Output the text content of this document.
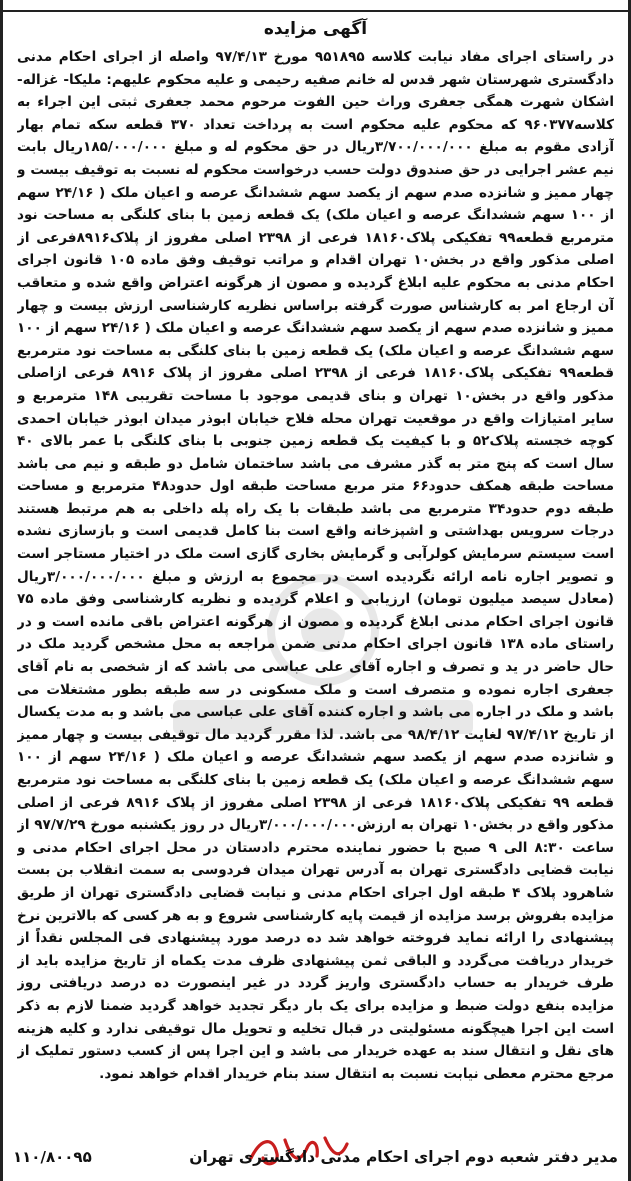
آگهی مزایده

در راستای اجرای مفاد نیابت کلاسه ۹۵۱۸۹۵ مورخ ۹۷/۴/۱۳ واصله از اجرای احکام مدنی دادگستری شهرستان شهر قدس له خانم صفیه رحیمی و علیه محکوم علیهم: ملیکا- غزاله- اشکان شهرت همگی جعفری وراث حین الفوت مرحوم محمد جعفری ثبتی این اجراء به کلاسه۹۶۰۳۷۷ که محکوم علیه محکوم است به پرداخت تعداد ۳۷۰ قطعه سکه تمام بهار آزادی مقوم به مبلغ ۳/۷۰۰/۰۰۰/۰۰۰ریال در حق محکوم له و مبلغ ۱۸۵/۰۰۰/۰۰۰ریال بابت نیم عشر اجرایی در حق صندوق دولت حسب درخواست محکوم له نسبت به توقیف بیست و چهار ممیز و شانزده صدم سهم از یکصد سهم ششدانگ عرصه و اعیان ملک ( ۲۴/۱۶ سهم از ۱۰۰ سهم ششدانگ عرصه و اعیان ملک) یک قطعه زمین با بنای کلنگی به مساحت نود مترمربع قطعه۹۹ تفکیکی پلاک۱۸۱۶۰ فرعی از ۲۳۹۸ اصلی مفروز از پلاک۸۹۱۶فرعی از اصلی مذکور واقع در بخش۱۰ تهران اقدام و مراتب توقیف وفق ماده ۱۰۵ قانون اجرای احکام مدنی به محکوم علیه ابلاغ گردیده و مصون از هرگونه اعتراض واقع شده و متعاقب آن ارجاع امر به کارشناس صورت گرفته براساس نظریه کارشناسی ارزش بیست و چهار ممیز و شانزده صدم سهم از یکصد سهم ششدانگ عرصه و اعیان ملک ( ۲۴/۱۶ سهم از ۱۰۰ سهم ششدانگ عرصه و اعیان ملک) یک قطعه زمین با بنای کلنگی به مساحت نود مترمربع قطعه۹۹ تفکیکی پلاک۱۸۱۶۰ فرعی از ۲۳۹۸ اصلی مفروز از پلاک ۸۹۱۶ فرعی ازاصلی مذکور واقع در بخش۱۰ تهران و بنای قدیمی موجود با مساحت تقریبی ۱۴۸ مترمربع و سایر امتیازات واقع در موقعیت تهران محله فلاح خیابان ابوذر میدان ابوذر خیابان احمدی کوچه خجسته پلاک۵۲ و با کیفیت یک قطعه زمین جنوبی با بنای کلنگی با عمر بالای ۴۰ سال است که پنج متر به گذر مشرف می باشد ساختمان شامل دو طبقه و نیم می باشد مساحت طبقه همکف حدود۶۶ متر مربع مساحت طبقه اول حدود۴۸ مترمربع و مساحت طبقه دوم حدود۳۴ مترمربع می باشد طبقات با یک راه پله داخلی به هم مرتبط هستند درجات سرویس بهداشتی و اشپزخانه واقع است بنا کامل قدیمی است و بازسازی نشده است سیستم سرمایش کولرآبی و گرمایش بخاری گازی است ملک در اختیار مستاجر است و تصویر اجاره نامه ارائه نگردیده است در مجموع به ارزش و مبلغ ۳/۰۰۰/۰۰۰/۰۰۰ریال (معادل سیصد میلیون تومان) ارزیابی و اعلام گردیده و نظریه کارشناسی وفق ماده ۷۵ قانون اجرای احکام مدنی ابلاغ گردیده و مصون از هرگونه اعتراض باقی مانده است و در راستای ماده ۱۳۸ قانون اجرای احکام مدنی ضمن مراجعه به محل مشخص گردید ملک در حال حاضر در ید و تصرف و اجاره آقای علی عباسی می باشد که از شخصی به نام آقای جعفری اجاره نموده و متصرف است و ملک مسکونی در سه طبقه بطور مشتغلات می باشد و ملک در اجاره می باشد و اجاره کننده آقای علی عباسی می باشد و به مدت یکسال از تاریخ ۹۷/۴/۱۲ لغایت ۹۸/۴/۱۲ می باشد. لذا مقرر گردید مال توقیفی بیست و چهار ممیز و شانزده صدم سهم از یکصد سهم ششدانگ عرصه و اعیان ملک ( ۲۴/۱۶ سهم از ۱۰۰ سهم ششدانگ عرصه و اعیان ملک) یک قطعه زمین با بنای کلنگی به مساحت نود مترمربع قطعه ۹۹ تفکیکی پلاک۱۸۱۶۰ فرعی از ۲۳۹۸ اصلی مفروز از پلاک ۸۹۱۶ فرعی از اصلی مذکور واقع در بخش۱۰ تهران به ارزش۳/۰۰۰/۰۰۰/۰۰۰ریال در روز یکشنبه مورخ ۹۷/۷/۲۹ از ساعت ۸:۳۰ الی ۹ صبح با حضور نماینده محترم دادستان در محل اجرای احکام مدنی و نیابت قضایی دادگستری تهران به آدرس تهران میدان فردوسی به سمت انقلاب بن بست شاهرود پلاک ۴ طبقه اول اجرای احکام مدنی و نیابت قضایی دادگستری تهران از طریق مزایده بفروش برسد مزایده از قیمت پایه کارشناسی شروع و به هر کسی که بالاترین نرخ پیشنهادی را ارائه نماید فروخته خواهد شد ده درصد مورد پیشنهادی فی المجلس نقداً از خریدار دریافت می‌گردد و الباقی ثمن پیشنهادی ظرف مدت یکماه از تاریخ مزایده باید از طرف خریدار به حساب دادگستری واریز گردد در غیر اینصورت ده درصد دریافتی روز مزایده بنفع دولت ضبط و مزایده برای یک بار دیگر تجدید خواهد گردید ضمنا لازم به ذکر است این اجرا هیچگونه مسئولیتی در قبال تخلیه و تحویل مال توقیفی ندارد و کلیه هزینه های نقل و انتقال سند به عهده خریدار می باشد و این اجرا پس از کسب دستور تملیک از مرجع محترم معطی نیابت نسبت به انتقال سند بنام خریدار اقدام خواهد نمود.

مدیر دفتر شعبه دوم اجرای احکام مدنی دادگستری تهران
۱۱۰/۸۰۰۹۵
